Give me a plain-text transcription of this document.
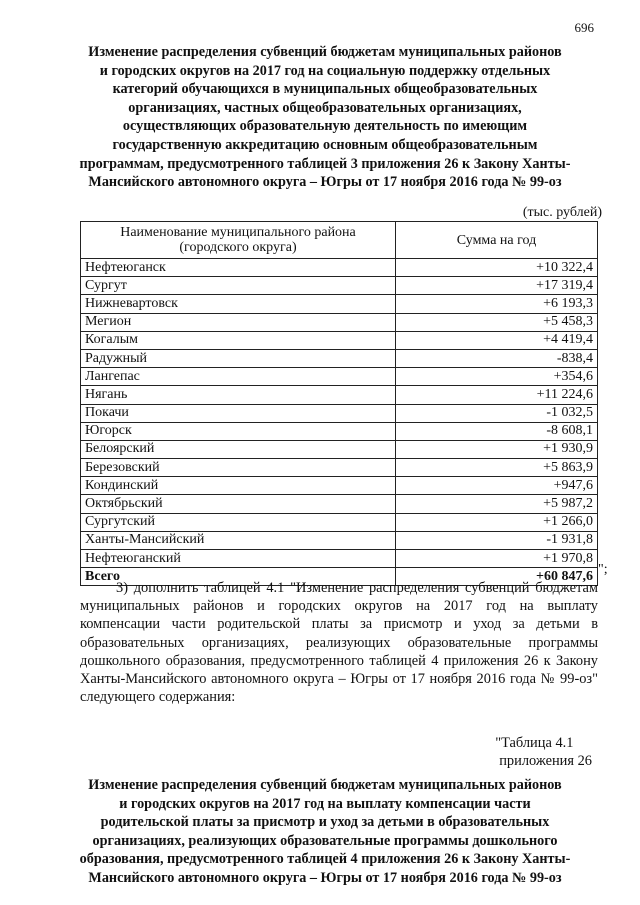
696
Изменение распределения субвенций бюджетам муниципальных районов
и городских округов на 2017 год на социальную поддержку отдельных
категорий обучающихся в муниципальных общеобразовательных
организациях, частных общеобразовательных организациях,
осуществляющих образовательную деятельность по имеющим
государственную аккредитацию основным общеобразовательным
программам, предусмотренного таблицей 3 приложения 26 к Закону Ханты-
Мансийского автономного округа – Югры от 17 ноября 2016 года № 99-оз
(тыс. рублей)
Наименование муниципального района
(городского округа)	Сумма на год
Нефтеюганск	+10 322,4
Сургут	+17 319,4
Нижневартовск	+6 193,3
Мегион	+5 458,3
Когалым	+4 419,4
Радужный	-838,4
Лангепас	+354,6
Нягань	+11 224,6
Покачи	-1 032,5
Югорск	-8 608,1
Белоярский	+1 930,9
Березовский	+5 863,9
Кондинский	+947,6
Октябрьский	+5 987,2
Сургутский	+1 266,0
Ханты-Мансийский	-1 931,8
Нефтеюганский	+1 970,8
Всего	+60 847,6 ";
3) дополнить таблицей 4.1 "Изменение распределения субвенций бюджетам
муниципальных районов и городских округов на 2017 год на выплату
компенсации части родительской платы за присмотр и уход за детьми в
образовательных организациях, реализующих образовательные программы
дошкольного образования, предусмотренного таблицей 4 приложения 26 к Закону
Ханты-Мансийского автономного округа – Югры от 17 ноября 2016 года № 99-оз"
следующего содержания:
"Таблица 4.1
приложения 26
Изменение распределения субвенций бюджетам муниципальных районов
и городских округов на 2017 год на выплату компенсации части
родительской платы за присмотр и уход за детьми в образовательных
организациях, реализующих образовательные программы дошкольного
образования, предусмотренного таблицей 4 приложения 26 к Закону Ханты-
Мансийского автономного округа – Югры от 17 ноября 2016 года № 99-оз
